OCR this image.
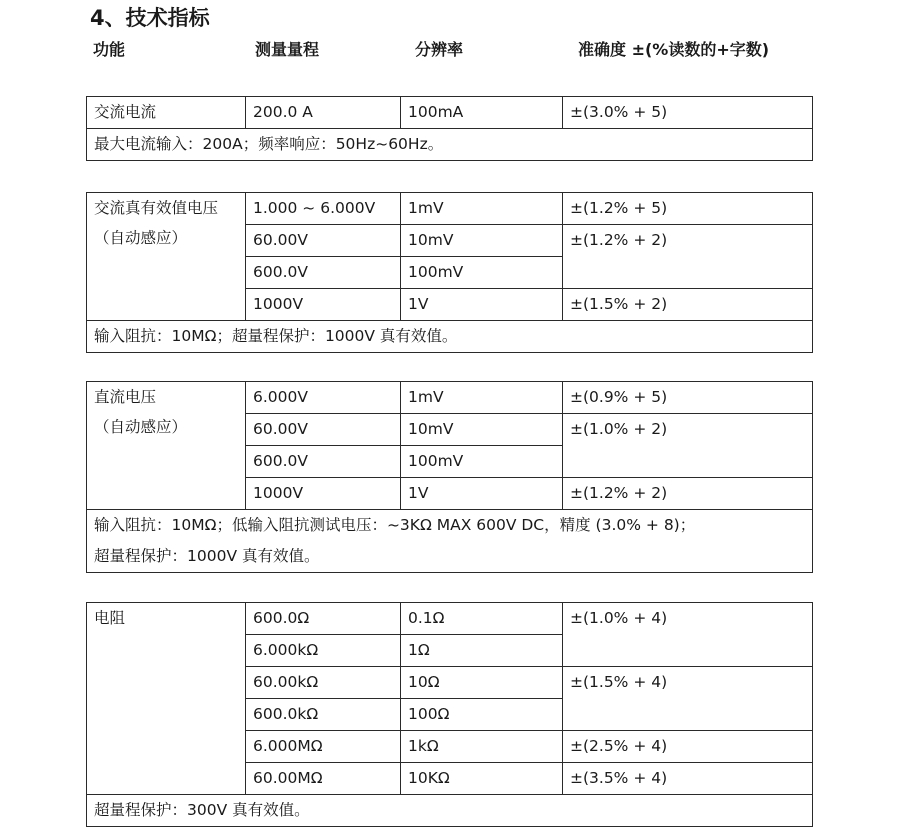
4、技术指标
功能	测量量程	分辨率	准确度 ±(%读数的+字数)
交流电流	200.0 A	100mA	±(3.0% + 5)
最大电流输入：200A；频率响应：50Hz~60Hz。
交流真有效值电压
（自动感应）	1.000 ~ 6.000V	1mV	±(1.2% + 5)
	60.00V	10mV	±(1.2% + 2)
	600.0V	100mV	
	1000V	1V	±(1.5% + 2)
输入阻抗：10MΩ；超量程保护：1000V 真有效值。			
直流电压
（自动感应）	6.000V	1mV	±(0.9% + 5)
	60.00V	10mV	±(1.0% + 2)
	600.0V	100mV	
	1000V	1V	±(1.2% + 2)

输入阻抗：10MΩ；低输入阻抗测试电压：~3KΩ MAX 600V DC，精度 (3.0% + 8)；
超量程保护：1000V 真有效值。			
电阻	600.0Ω	0.1Ω	±(1.0% + 4)
	6.000kΩ	1Ω	
	60.00kΩ	10Ω	±(1.5% + 4)
	600.0kΩ	100Ω	
	6.000MΩ	1kΩ	±(2.5% + 4)
	60.00MΩ	10KΩ	±(3.5% + 4)
超量程保护：300V 真有效值。			
